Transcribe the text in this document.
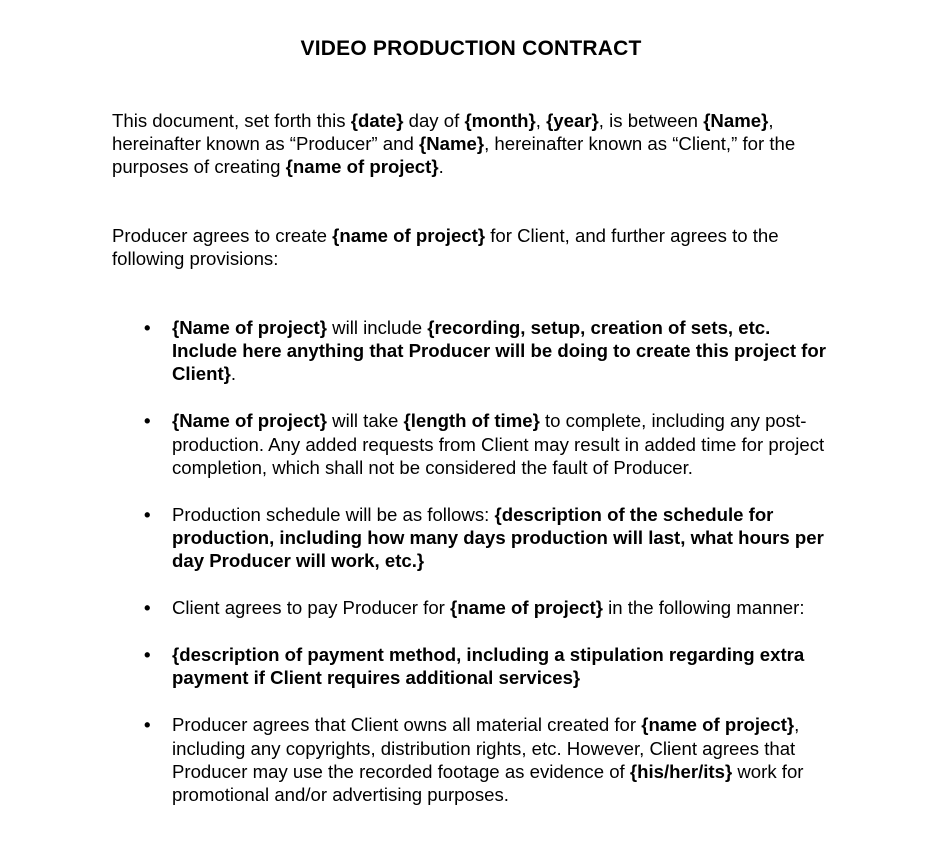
VIDEO PRODUCTION CONTRACT
This document, set forth this {date} day of {month}, {year}, is between {Name}, hereinafter known as “Producer” and {Name}, hereinafter known as “Client,” for the purposes of creating {name of project}.
Producer agrees to create {name of project} for Client, and further agrees to the following provisions:
• {Name of project} will include {recording, setup, creation of sets, etc. Include here anything that Producer will be doing to create this project for Client}.
• {Name of project} will take {length of time} to complete, including any post-production. Any added requests from Client may result in added time for project completion, which shall not be considered the fault of Producer.
• Production schedule will be as follows: {description of the schedule for production, including how many days production will last, what hours per day Producer will work, etc.}
• Client agrees to pay Producer for {name of project} in the following manner:
• {description of payment method, including a stipulation regarding extra payment if Client requires additional services}
• Producer agrees that Client owns all material created for {name of project}, including any copyrights, distribution rights, etc. However, Client agrees that Producer may use the recorded footage as evidence of {his/her/its} work for promotional and/or advertising purposes.
